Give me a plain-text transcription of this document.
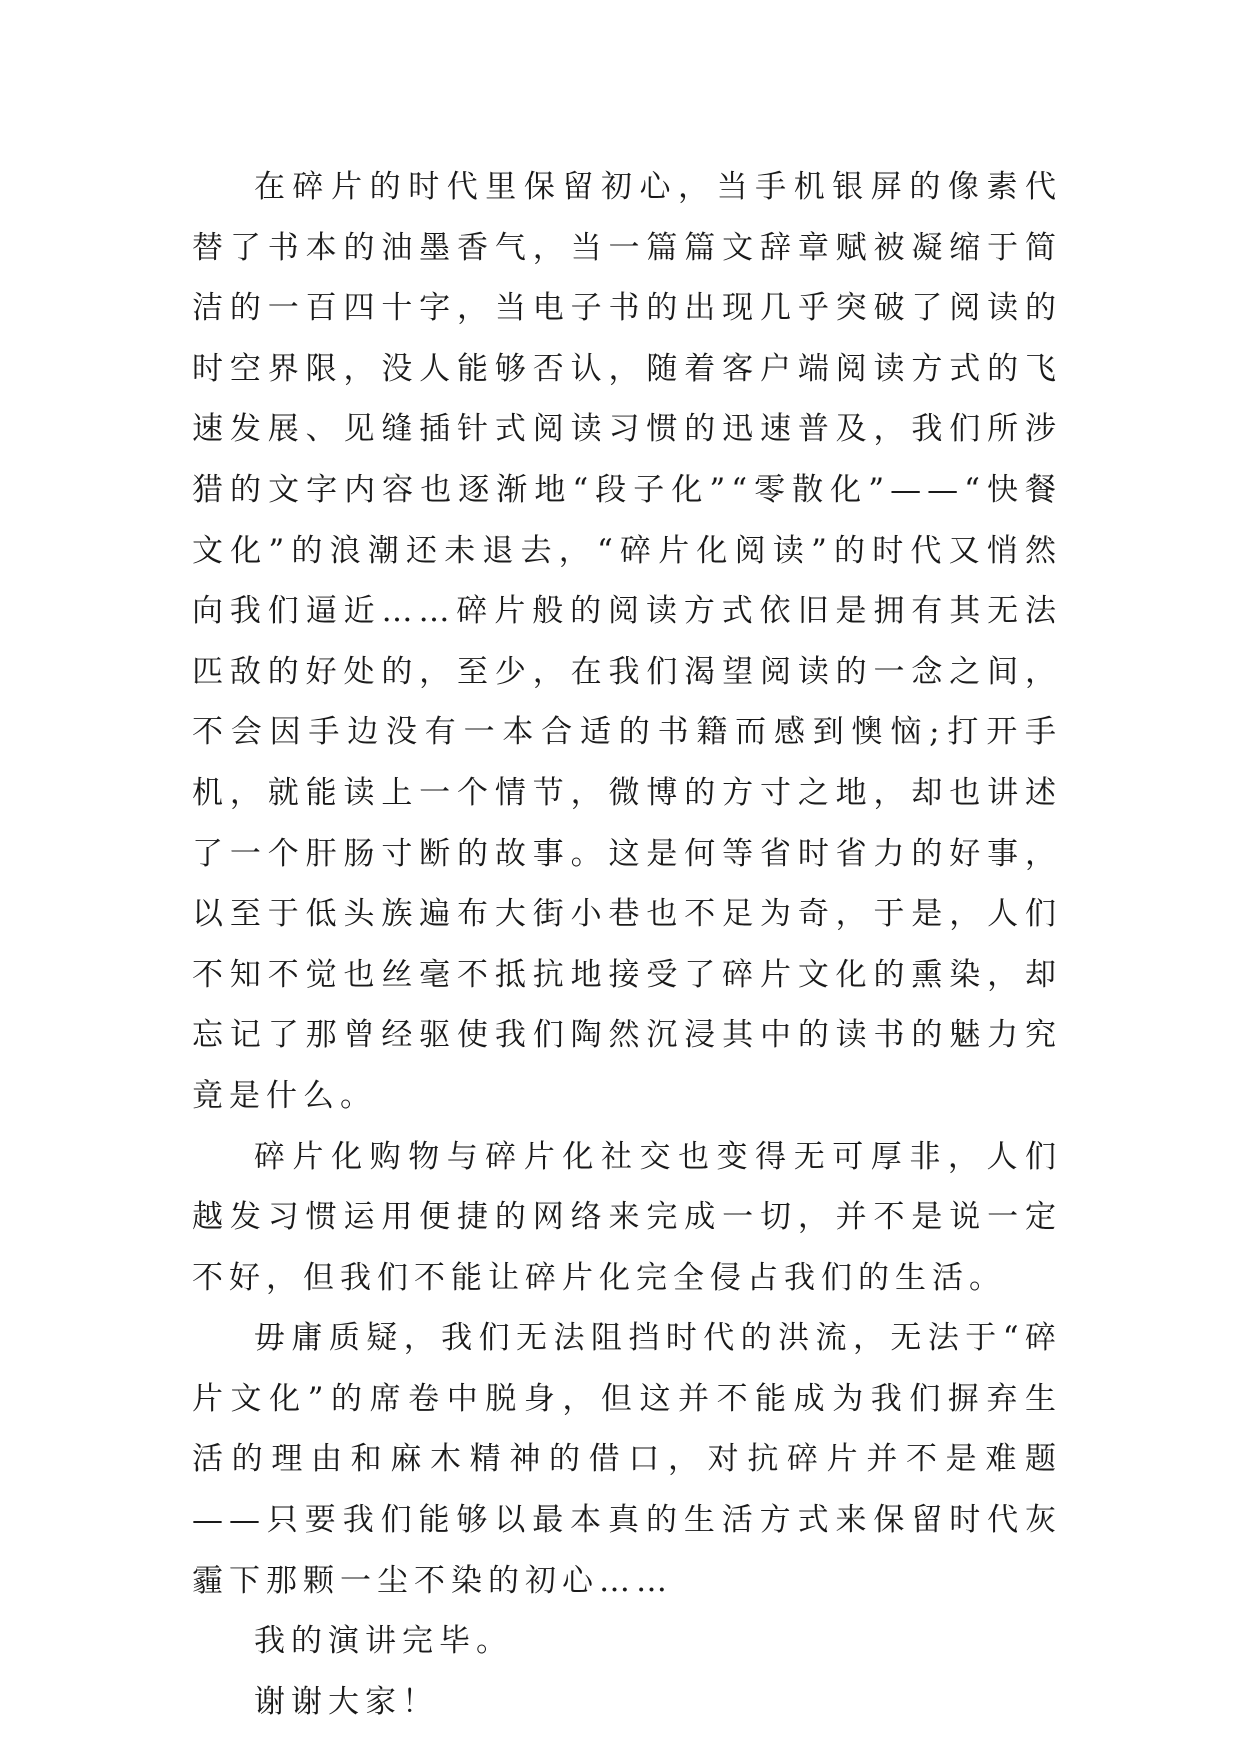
在碎片的时代里保留初心，当手机银屏的像素代替了书本的油墨香气，当一篇篇文辞章赋被凝缩于简洁的一百四十字，当电子书的出现几乎突破了阅读的时空界限，没人能够否认，随着客户端阅读方式的飞速发展、见缝插针式阅读习惯的迅速普及，我们所涉猎的文字内容也逐渐地“段子化”“零散化”——“快餐文化”的浪潮还未退去，“碎片化阅读”的时代又悄然向我们逼近……碎片般的阅读方式依旧是拥有其无法匹敌的好处的，至少，在我们渴望阅读的一念之间，不会因手边没有一本合适的书籍而感到懊恼;打开手机，就能读上一个情节，微博的方寸之地，却也讲述了一个肝肠寸断的故事。这是何等省时省力的好事，以至于低头族遍布大街小巷也不足为奇，于是，人们不知不觉也丝毫不抵抗地接受了碎片文化的熏染，却忘记了那曾经驱使我们陶然沉浸其中的读书的魅力究竟是什么。

碎片化购物与碎片化社交也变得无可厚非，人们越发习惯运用便捷的网络来完成一切，并不是说一定不好，但我们不能让碎片化完全侵占我们的生活。

毋庸质疑，我们无法阻挡时代的洪流，无法于“碎片文化”的席卷中脱身，但这并不能成为我们摒弃生活的理由和麻木精神的借口，对抗碎片并不是难题——只要我们能够以最本真的生活方式来保留时代灰霾下那颗一尘不染的初心……

我的演讲完毕。

谢谢大家！
